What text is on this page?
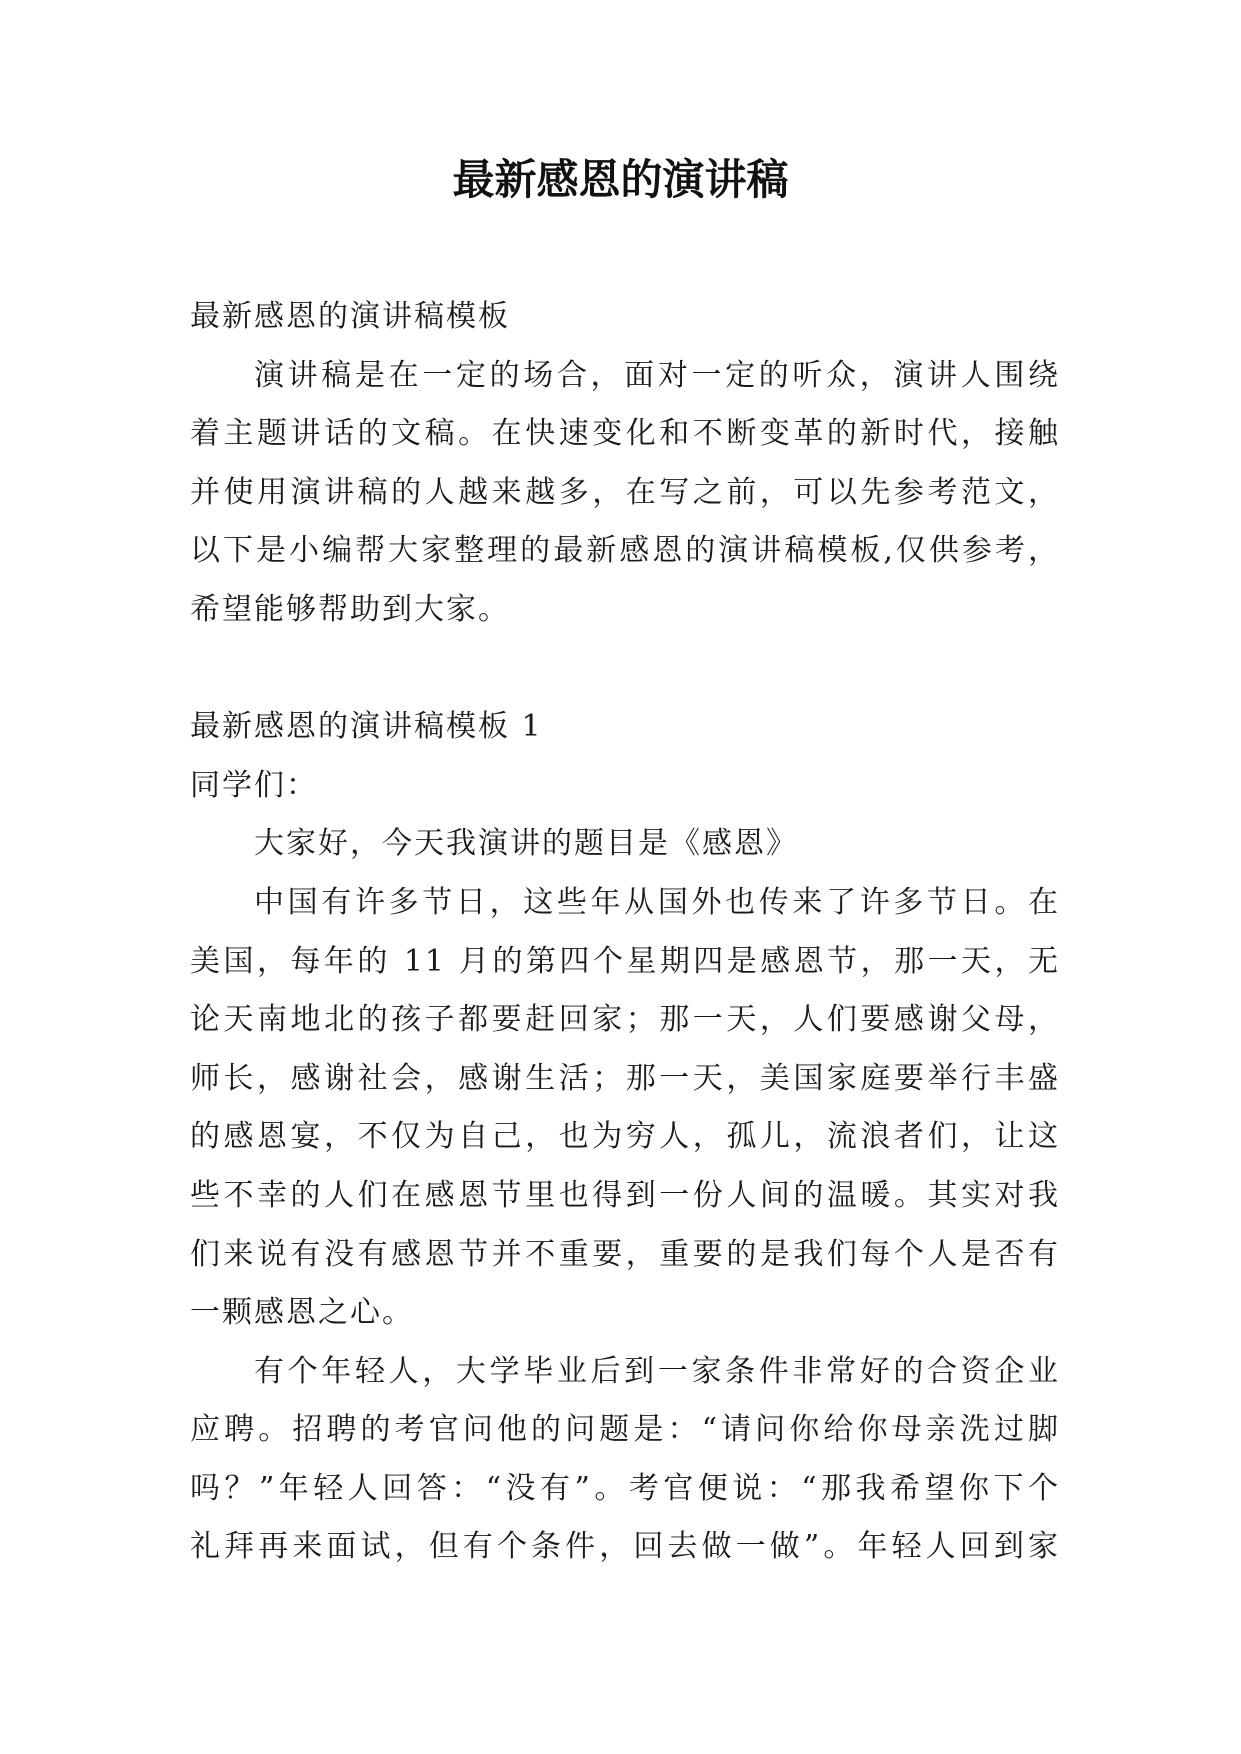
最新感恩的演讲稿
最新感恩的演讲稿模板
演讲稿是在一定的场合，面对一定的听众，演讲人围绕
着主题讲话的文稿。在快速变化和不断变革的新时代，接触
并使用演讲稿的人越来越多，在写之前，可以先参考范文，
以下是小编帮大家整理的最新感恩的演讲稿模板,仅供参考，
希望能够帮助到大家。
最新感恩的演讲稿模板 1
同学们：
大家好，今天我演讲的题目是《感恩》
中国有许多节日，这些年从国外也传来了许多节日。在
美国，每年的 11 月的第四个星期四是感恩节，那一天，无
论天南地北的孩子都要赶回家；那一天，人们要感谢父母，
师长，感谢社会，感谢生活；那一天，美国家庭要举行丰盛
的感恩宴，不仅为自己，也为穷人，孤儿，流浪者们，让这
些不幸的人们在感恩节里也得到一份人间的温暖。其实对我
们来说有没有感恩节并不重要，重要的是我们每个人是否有
一颗感恩之心。
有个年轻人，大学毕业后到一家条件非常好的合资企业
应聘。招聘的考官问他的问题是：“请问你给你母亲洗过脚
吗？”年轻人回答：“没有”。考官便说：“那我希望你下个
礼拜再来面试，但有个条件，回去做一做”。年轻人回到家
